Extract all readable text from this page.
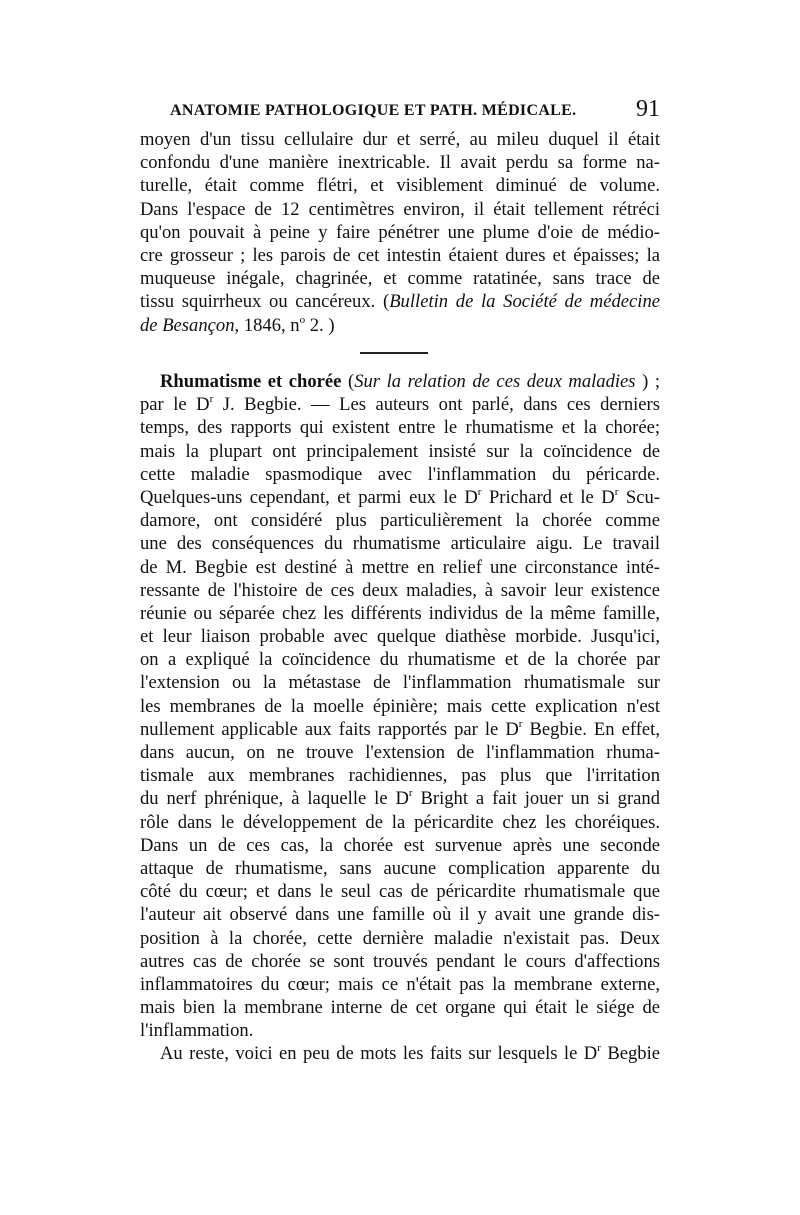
ANATOMIE PATHOLOGIQUE ET PATH. MÉDICALE. 91
moyen d'un tissu cellulaire dur et serré, au mileu duquel il était
confondu d'une manière inextricable. Il avait perdu sa forme na-
turelle, était comme flétri, et visiblement diminué de volume.
Dans l'espace de 12 centimètres environ, il était tellement rétréci
qu'on pouvait à peine y faire pénétrer une plume d'oie de médio-
cre grosseur ; les parois de cet intestin étaient dures et épaisses; la
muqueuse inégale, chagrinée, et comme ratatinée, sans trace de
tissu squirrheux ou cancéreux. (Bulletin de la Société de médecine
de Besançon, 1846, $n^o$ 2. )
Rhumatisme et chorée (Sur la relation de ces deux maladies ) ;
par le $D^r$ J. Begbie. — Les auteurs ont parlé, dans ces derniers
temps, des rapports qui existent entre le rhumatisme et la chorée;
mais la plupart ont principalement insisté sur la coïncidence de
cette maladie spasmodique avec l'inflammation du péricarde.
Quelques-uns cependant, et parmi eux le $D^r$ Prichard et le $D^r$ Scu-
damore, ont considéré plus particulièrement la chorée comme
une des conséquences du rhumatisme articulaire aigu. Le travail
de M. Begbie est destiné à mettre en relief une circonstance inté-
ressante de l'histoire de ces deux maladies, à savoir leur existence
réunie ou séparée chez les différents individus de la même famille,
et leur liaison probable avec quelque diathèse morbide. Jusqu'ici,
on a expliqué la coïncidence du rhumatisme et de la chorée par
l'extension ou la métastase de l'inflammation rhumatismale sur
les membranes de la moelle épinière; mais cette explication n'est
nullement applicable aux faits rapportés par le $D^r$ Begbie. En effet,
dans aucun, on ne trouve l'extension de l'inflammation rhuma-
tismale aux membranes rachidiennes, pas plus que l'irritation
du nerf phrénique, à laquelle le $D^r$ Bright a fait jouer un si grand
rôle dans le développement de la péricardite chez les choréiques.
Dans un de ces cas, la chorée est survenue après une seconde
attaque de rhumatisme, sans aucune complication apparente du
côté du cœur; et dans le seul cas de péricardite rhumatismale que
l'auteur ait observé dans une famille où il y avait une grande dis-
position à la chorée, cette dernière maladie n'existait pas. Deux
autres cas de chorée se sont trouvés pendant le cours d'affections
inflammatoires du cœur; mais ce n'était pas la membrane externe,
mais bien la membrane interne de cet organe qui était le siége de
l'inflammation.
Au reste, voici en peu de mots les faits sur lesquels le $D^r$ Begbie
